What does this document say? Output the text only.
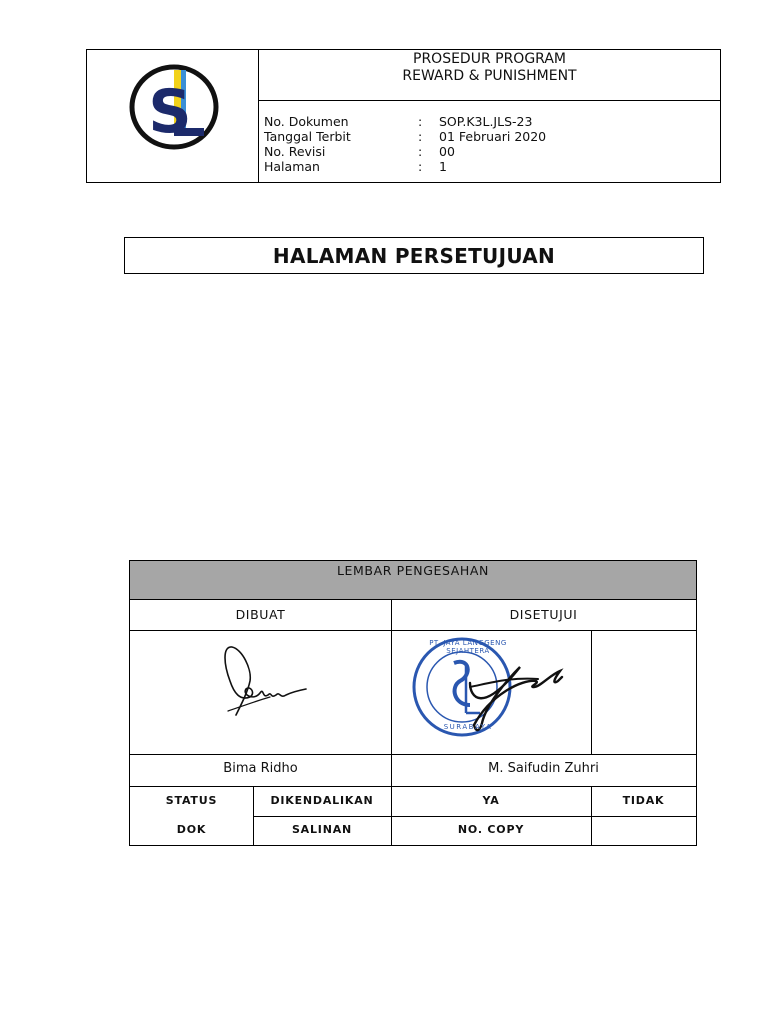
S
PROSEDUR PROGRAM
REWARD & PUNISHMENT
No. Dokumen	: SOP.K3L.JLS-23
Tanggal Terbit	: 01 Februari 2020
No. Revisi	: 00
Halaman	: 1
HALAMAN PERSETUJUAN
LEMBAR PENGESAHAN
DIBUAT	DISETUJUI
PT. JAYA LANGGENG SEJAHTERA
SURABAYA
Bima Ridho	M. Saifudin Zuhri
STATUS	DIKENDALIKAN	YA	TIDAK
DOK	SALINAN	NO. COPY
